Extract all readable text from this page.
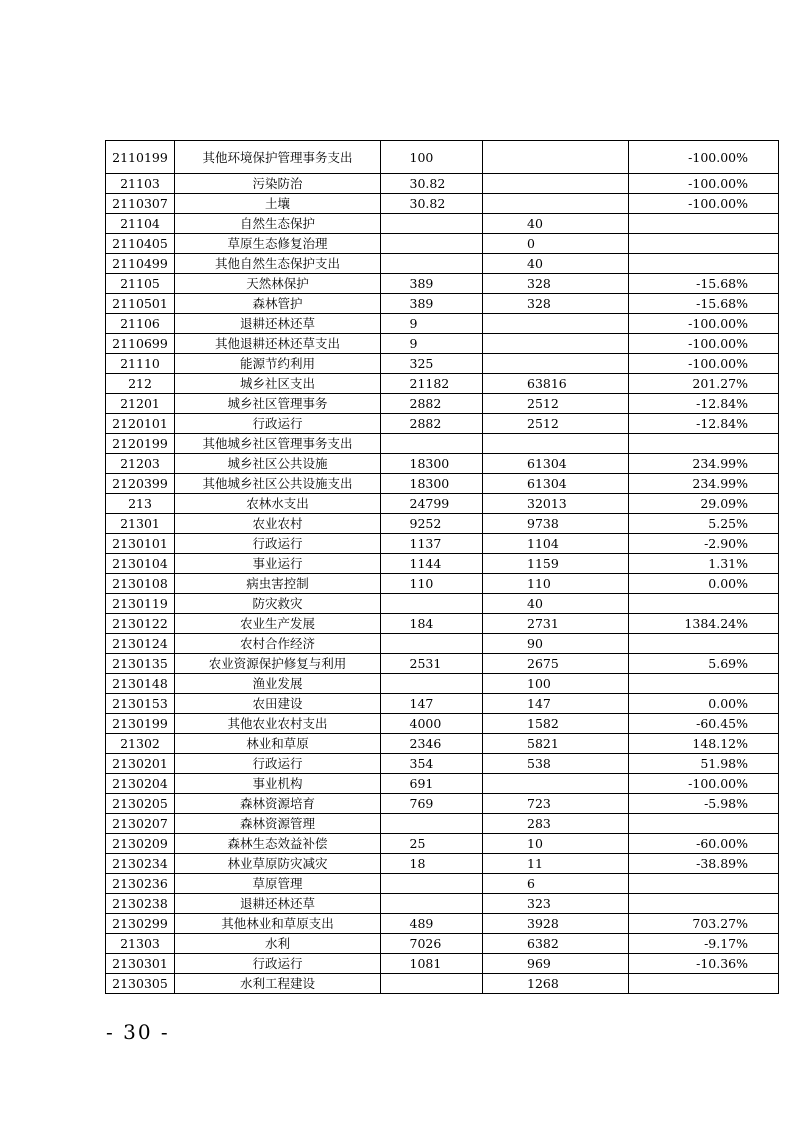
2110199	其他环境保护管理事务支出	100		-100.00%
21103	污染防治	30.82		-100.00%
2110307	土壤	30.82		-100.00%
21104	自然生态保护		40	
2110405	草原生态修复治理		0	
2110499	其他自然生态保护支出		40	
21105	天然林保护	389	328	-15.68%
2110501	森林管护	389	328	-15.68%
21106	退耕还林还草	9		-100.00%
2110699	其他退耕还林还草支出	9		-100.00%
21110	能源节约利用	325		-100.00%
212	城乡社区支出	21182	63816	201.27%
21201	城乡社区管理事务	2882	2512	-12.84%
2120101	行政运行	2882	2512	-12.84%
2120199	其他城乡社区管理事务支出			
21203	城乡社区公共设施	18300	61304	234.99%
2120399	其他城乡社区公共设施支出	18300	61304	234.99%
213	农林水支出	24799	32013	29.09%
21301	农业农村	9252	9738	5.25%
2130101	行政运行	1137	1104	-2.90%
2130104	事业运行	1144	1159	1.31%
2130108	病虫害控制	110	110	0.00%
2130119	防灾救灾		40	
2130122	农业生产发展	184	2731	1384.24%
2130124	农村合作经济		90	
2130135	农业资源保护修复与利用	2531	2675	5.69%
2130148	渔业发展		100	
2130153	农田建设	147	147	0.00%
2130199	其他农业农村支出	4000	1582	-60.45%
21302	林业和草原	2346	5821	148.12%
2130201	行政运行	354	538	51.98%
2130204	事业机构	691		-100.00%
2130205	森林资源培育	769	723	-5.98%
2130207	森林资源管理		283	
2130209	森林生态效益补偿	25	10	-60.00%
2130234	林业草原防灾减灾	18	11	-38.89%
2130236	草原管理		6	
2130238	退耕还林还草		323	
2130299	其他林业和草原支出	489	3928	703.27%
21303	水利	7026	6382	-9.17%
2130301	行政运行	1081	969	-10.36%
2130305	水利工程建设		1268	
- 30 -
